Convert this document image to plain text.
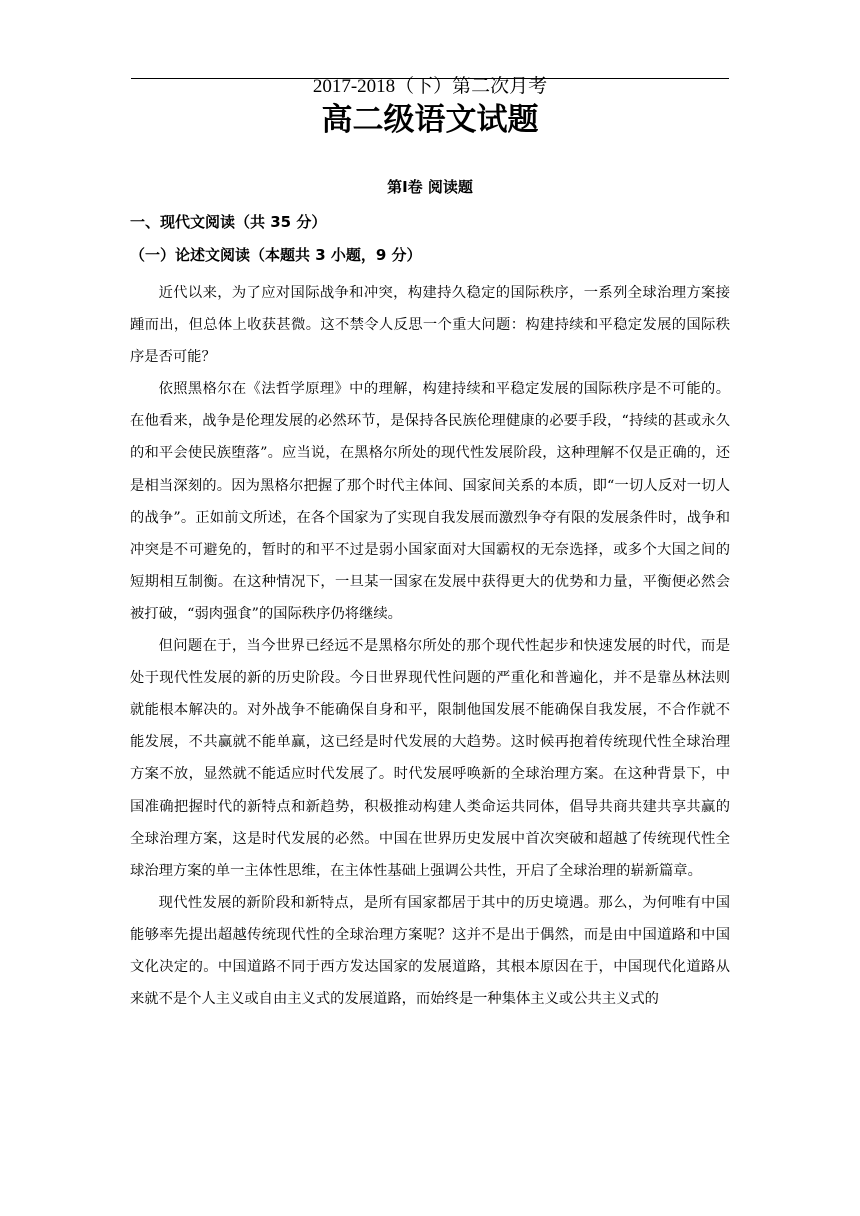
2017-2018（下）第二次月考
高二级语文试题
第Ⅰ卷 阅读题
一、现代文阅读（共 35 分）
（一）论述文阅读（本题共 3 小题，9 分）

近代以来，为了应对国际战争和冲突，构建持久稳定的国际秩序，一系列全球治理方案接踵而出，但总体上收获甚微。这不禁令人反思一个重大问题：构建持续和平稳定发展的国际秩序是否可能？

依照黑格尔在《法哲学原理》中的理解，构建持续和平稳定发展的国际秩序是不可能的。在他看来，战争是伦理发展的必然环节，是保持各民族伦理健康的必要手段，“持续的甚或永久的和平会使民族堕落”。应当说，在黑格尔所处的现代性发展阶段，这种理解不仅是正确的，还是相当深刻的。因为黑格尔把握了那个时代主体间、国家间关系的本质，即“一切人反对一切人的战争”。正如前文所述，在各个国家为了实现自我发展而激烈争夺有限的发展条件时，战争和冲突是不可避免的，暂时的和平不过是弱小国家面对大国霸权的无奈选择，或多个大国之间的短期相互制衡。在这种情况下，一旦某一国家在发展中获得更大的优势和力量，平衡便必然会被打破，“弱肉强食”的国际秩序仍将继续。

但问题在于，当今世界已经远不是黑格尔所处的那个现代性起步和快速发展的时代，而是处于现代性发展的新的历史阶段。今日世界现代性问题的严重化和普遍化，并不是靠丛林法则就能根本解决的。对外战争不能确保自身和平，限制他国发展不能确保自我发展，不合作就不能发展，不共赢就不能单赢，这已经是时代发展的大趋势。这时候再抱着传统现代性全球治理方案不放，显然就不能适应时代发展了。时代发展呼唤新的全球治理方案。在这种背景下，中国准确把握时代的新特点和新趋势，积极推动构建人类命运共同体，倡导共商共建共享共赢的全球治理方案，这是时代发展的必然。中国在世界历史发展中首次突破和超越了传统现代性全球治理方案的单一主体性思维，在主体性基础上强调公共性，开启了全球治理的崭新篇章。

现代性发展的新阶段和新特点，是所有国家都居于其中的历史境遇。那么，为何唯有中国能够率先提出超越传统现代性的全球治理方案呢？这并不是出于偶然，而是由中国道路和中国文化决定的。中国道路不同于西方发达国家的发展道路，其根本原因在于，中国现代化道路从来就不是个人主义或自由主义式的发展道路，而始终是一种集体主义或公共主义式的
